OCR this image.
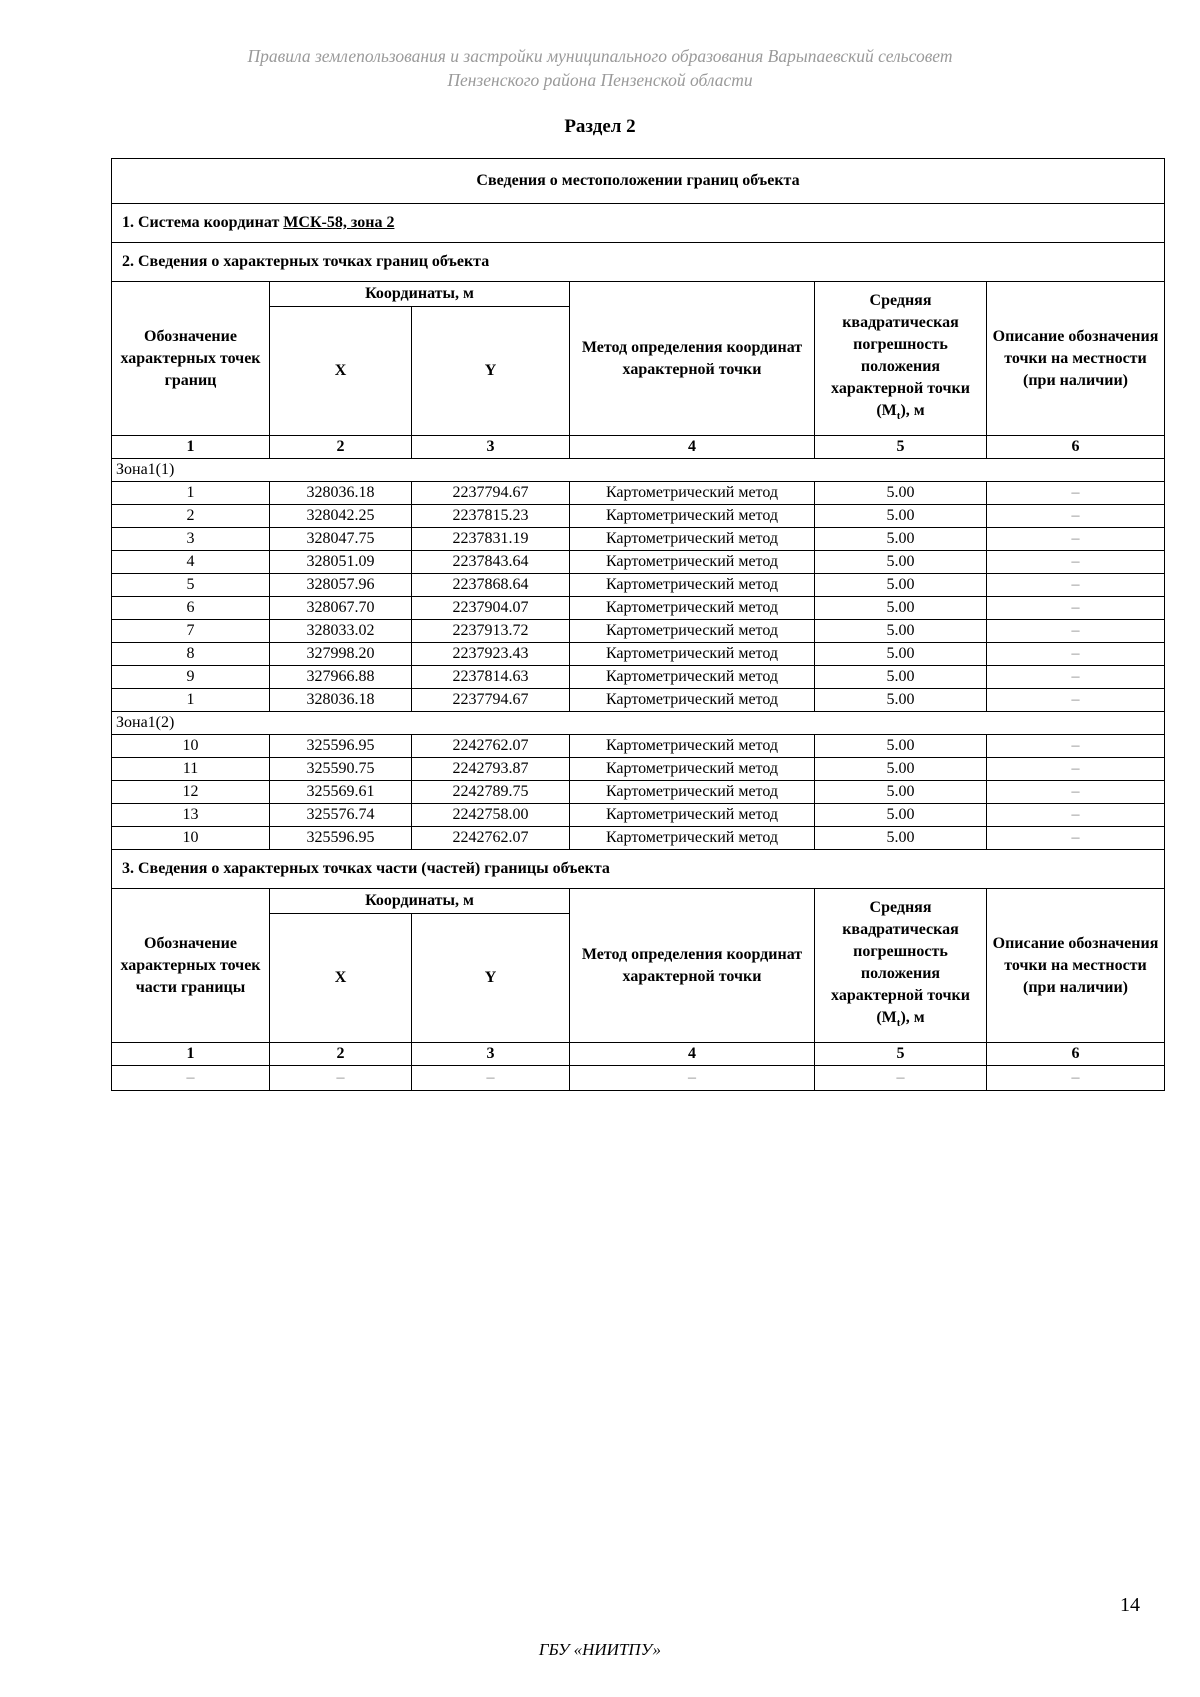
Правила землепользования и застройки муниципального образования Варыпаевский сельсовет
Пензенского района Пензенской области
Раздел 2
Сведения о местоположении границ объекта					
1. Система координат МСК-58, зона 2					
2. Сведения о характерных точках границ объекта					
Обозначение характерных точек границ	Координаты, м		Метод определения координат характерной точки	Средняя квадратическая погрешность положения характерной точки $(M_t)$, м	Описание обозначения точки на местности (при наличии)
	X	Y			
1	2	3	4	5	6
Зона1(1)					
1	328036.18	2237794.67	Картометрический метод	5.00	–
2	328042.25	2237815.23	Картометрический метод	5.00	–
3	328047.75	2237831.19	Картометрический метод	5.00	–
4	328051.09	2237843.64	Картометрический метод	5.00	–
5	328057.96	2237868.64	Картометрический метод	5.00	–
6	328067.70	2237904.07	Картометрический метод	5.00	–
7	328033.02	2237913.72	Картометрический метод	5.00	–
8	327998.20	2237923.43	Картометрический метод	5.00	–
9	327966.88	2237814.63	Картометрический метод	5.00	–
1	328036.18	2237794.67	Картометрический метод	5.00	–
Зона1(2)					
10	325596.95	2242762.07	Картометрический метод	5.00	–
11	325590.75	2242793.87	Картометрический метод	5.00	–
12	325569.61	2242789.75	Картометрический метод	5.00	–
13	325576.74	2242758.00	Картометрический метод	5.00	–
10	325596.95	2242762.07	Картометрический метод	5.00	–
3. Сведения о характерных точках части (частей) границы объекта					
Обозначение характерных точек части границы	Координаты, м		Метод определения координат характерной точки	Средняя квадратическая погрешность положения характерной точки $(M_t)$, м	Описание обозначения точки на местности (при наличии)
	X	Y			
1	2	3	4	5	6
–	–	–	–	–	–
14
ГБУ «НИИТПУ»
